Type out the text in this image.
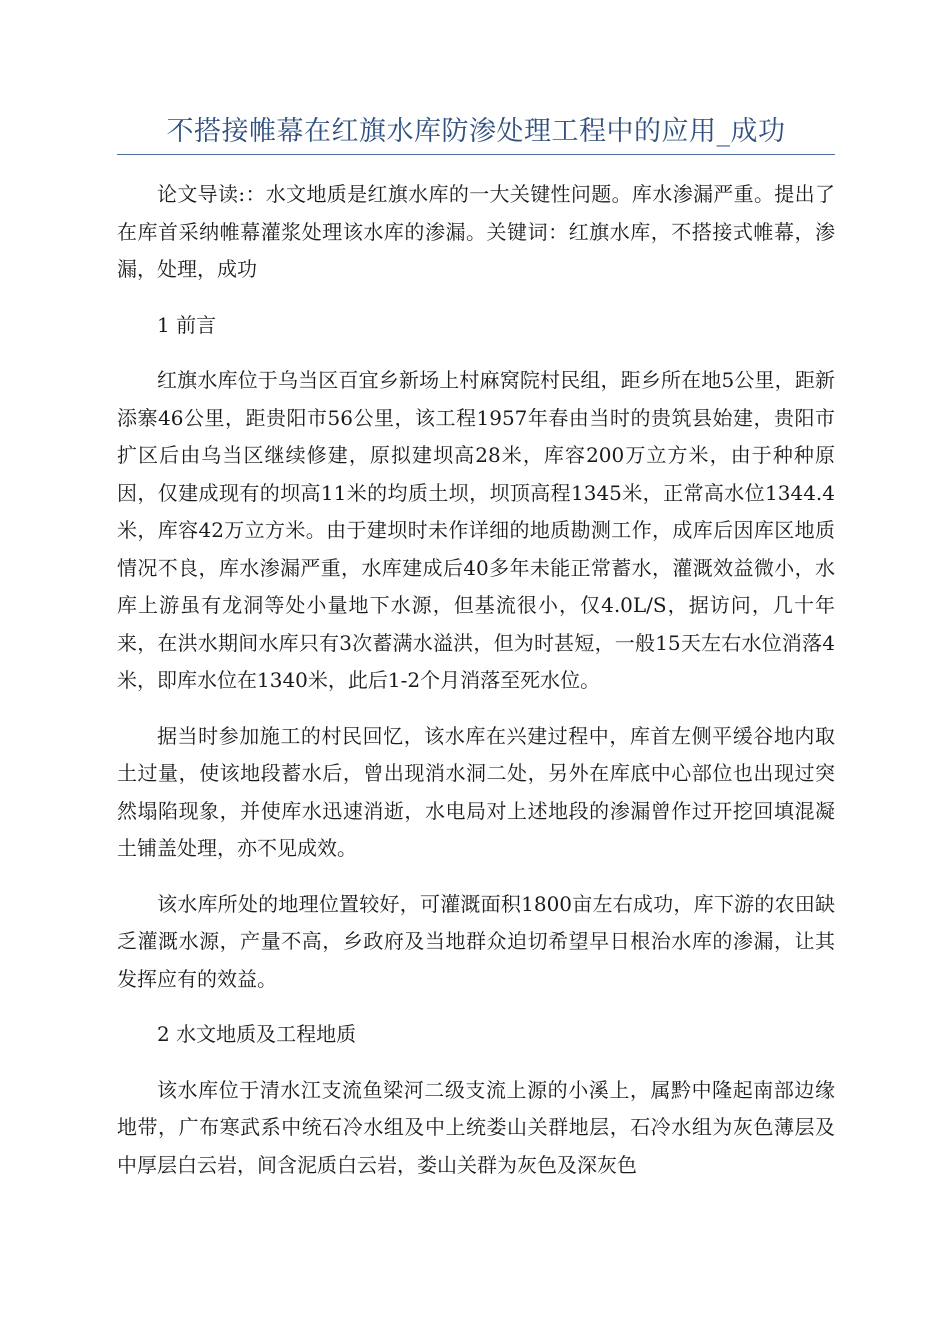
不搭接帷幕在红旗水库防渗处理工程中的应用_成功

论文导读:：水文地质是红旗水库的一大关键性问题。库水渗漏严重。提出了在库首采纳帷幕灌浆处理该水库的渗漏。关键词：红旗水库，不搭接式帷幕，渗漏，处理，成功

1 前言

红旗水库位于乌当区百宜乡新场上村麻窝院村民组，距乡所在地5公里，距新添寨46公里，距贵阳市56公里，该工程1957年春由当时的贵筑县始建，贵阳市扩区后由乌当区继续修建，原拟建坝高28米，库容200万立方米，由于种种原因，仅建成现有的坝高11米的均质土坝，坝顶高程1345米，正常高水位1344.4米，库容42万立方米。由于建坝时未作详细的地质勘测工作，成库后因库区地质情况不良，库水渗漏严重，水库建成后40多年未能正常蓄水，灌溉效益微小，水库上游虽有龙洞等处小量地下水源，但基流很小，仅4.0L/S，据访问，几十年来，在洪水期间水库只有3次蓄满水溢洪，但为时甚短，一般15天左右水位消落4米，即库水位在1340米，此后1-2个月消落至死水位。

据当时参加施工的村民回忆，该水库在兴建过程中，库首左侧平缓谷地内取土过量，使该地段蓄水后，曾出现消水洞二处，另外在库底中心部位也出现过突然塌陷现象，并使库水迅速消逝，水电局对上述地段的渗漏曾作过开挖回填混凝土铺盖处理，亦不见成效。

该水库所处的地理位置较好，可灌溉面积1800亩左右成功，库下游的农田缺乏灌溉水源，产量不高，乡政府及当地群众迫切希望早日根治水库的渗漏，让其发挥应有的效益。

2 水文地质及工程地质

该水库位于清水江支流鱼梁河二级支流上源的小溪上，属黔中隆起南部边缘地带，广布寒武系中统石冷水组及中上统娄山关群地层，石冷水组为灰色薄层及中厚层白云岩，间含泥质白云岩，娄山关群为灰色及深灰色
